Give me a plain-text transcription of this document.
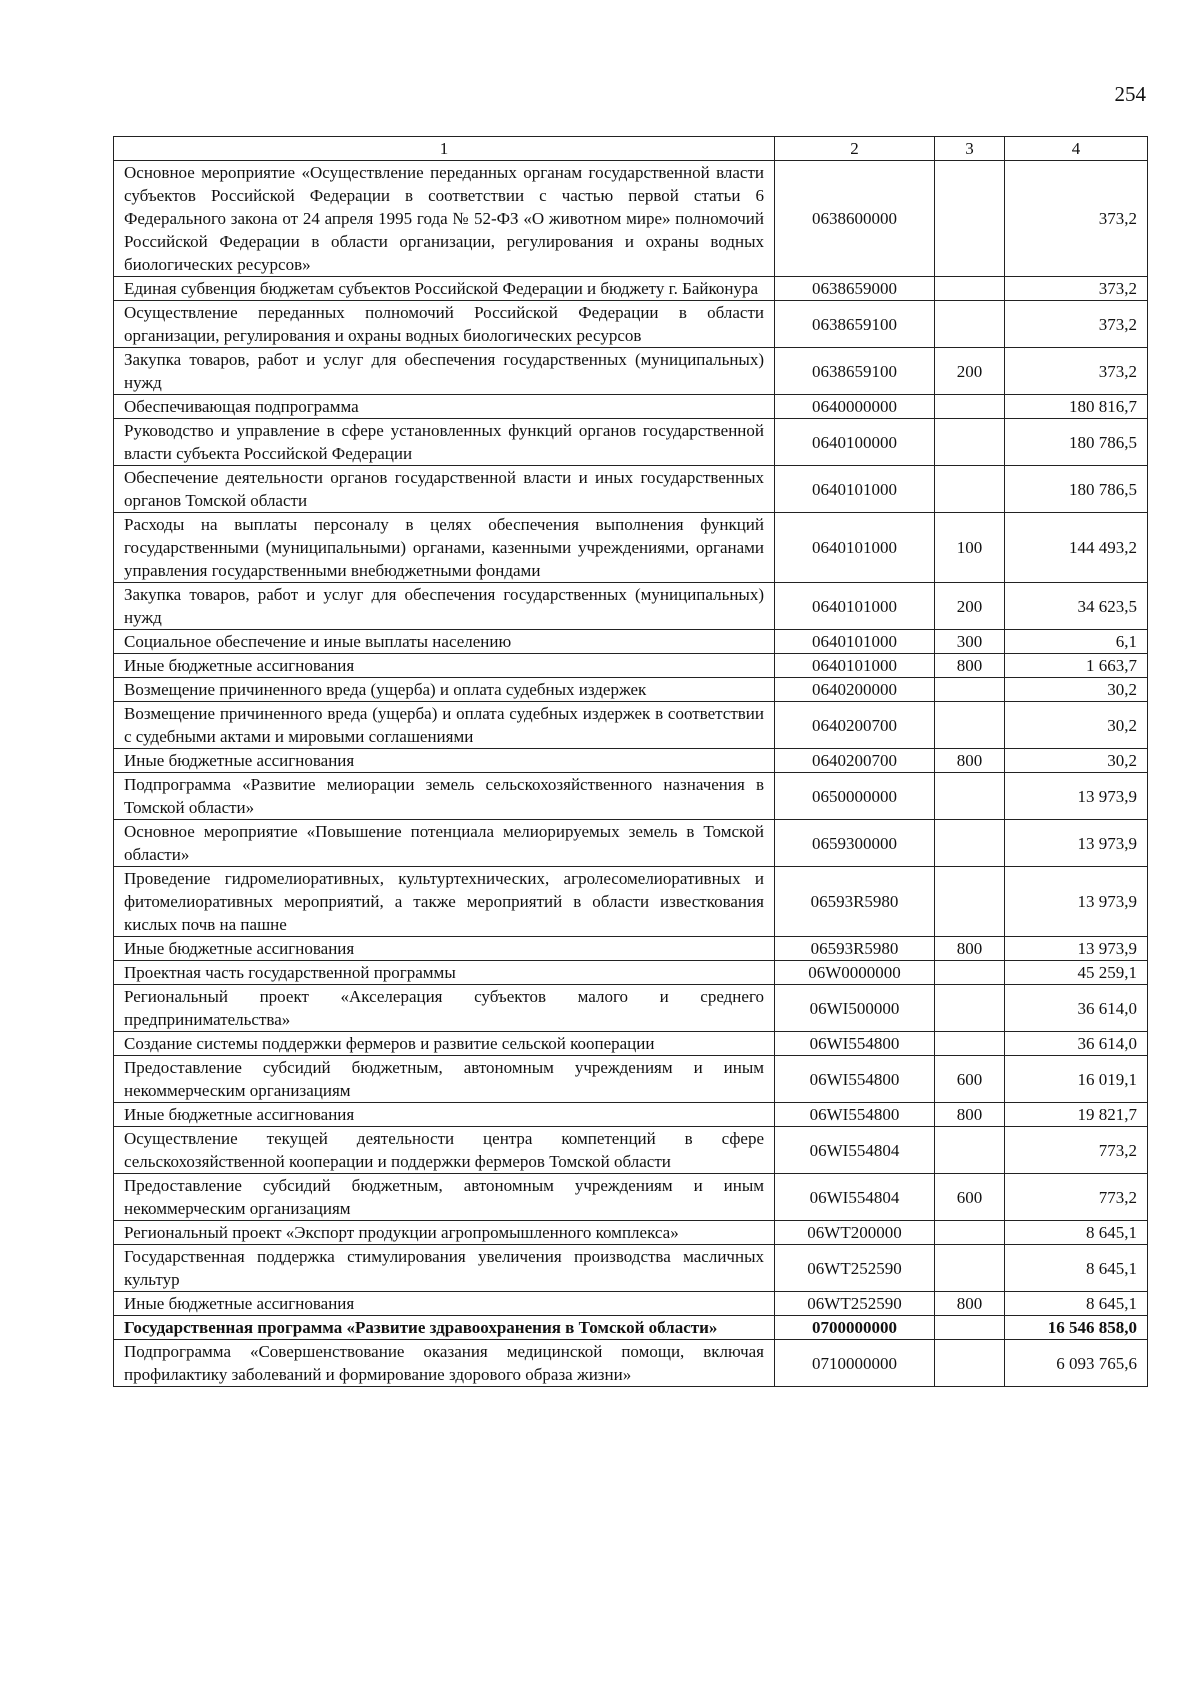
254
1	2	3	4
Основное мероприятие «Осуществление переданных органам государственной власти субъектов Российской Федерации в соответствии с частью первой статьи 6 Федерального закона от 24 апреля 1995 года № 52-ФЗ «О животном мире» полномочий Российской Федерации в области организации, регулирования и охраны водных биологических ресурсов»	0638600000		373,2
Единая субвенция бюджетам субъектов Российской Федерации и бюджету г. Байконура	0638659000		373,2
Осуществление переданных полномочий Российской Федерации в области организации, регулирования и охраны водных биологических ресурсов	0638659100		373,2
Закупка товаров, работ и услуг для обеспечения государственных (муниципальных) нужд	0638659100	200	373,2
Обеспечивающая подпрограмма	0640000000		180 816,7
Руководство и управление в сфере установленных функций органов государственной власти субъекта Российской Федерации	0640100000		180 786,5
Обеспечение деятельности органов государственной власти и иных государственных органов Томской области	0640101000		180 786,5
Расходы на выплаты персоналу в целях обеспечения выполнения функций государственными (муниципальными) органами, казенными учреждениями, органами управления государственными внебюджетными фондами	0640101000	100	144 493,2
Закупка товаров, работ и услуг для обеспечения государственных (муниципальных) нужд	0640101000	200	34 623,5
Социальное обеспечение и иные выплаты населению	0640101000	300	6,1
Иные бюджетные ассигнования	0640101000	800	1 663,7
Возмещение причиненного вреда (ущерба) и оплата судебных издержек	0640200000		30,2
Возмещение причиненного вреда (ущерба) и оплата судебных издержек в соответствии с судебными актами и мировыми соглашениями	0640200700		30,2
Иные бюджетные ассигнования	0640200700	800	30,2
Подпрограмма «Развитие мелиорации земель сельскохозяйственного назначения в Томской области»	0650000000		13 973,9
Основное мероприятие «Повышение потенциала мелиорируемых земель в Томской области»	0659300000		13 973,9
Проведение гидромелиоративных, культуртехнических, агролесомелиоративных и фитомелиоративных мероприятий, а также мероприятий в области известкования кислых почв на пашне	06593R5980		13 973,9
Иные бюджетные ассигнования	06593R5980	800	13 973,9
Проектная часть государственной программы	06W0000000		45 259,1
Региональный проект «Акселерация субъектов малого и среднего предпринимательства»	06WI500000		36 614,0
Создание системы поддержки фермеров и развитие сельской кооперации	06WI554800		36 614,0
Предоставление субсидий бюджетным, автономным учреждениям и иным некоммерческим организациям	06WI554800	600	16 019,1
Иные бюджетные ассигнования	06WI554800	800	19 821,7
Осуществление текущей деятельности центра компетенций в сфере сельскохозяйственной кооперации и поддержки фермеров Томской области	06WI554804		773,2
Предоставление субсидий бюджетным, автономным учреждениям и иным некоммерческим организациям	06WI554804	600	773,2
Региональный проект «Экспорт продукции агропромышленного комплекса»	06WT200000		8 645,1
Государственная поддержка стимулирования увеличения производства масличных культур	06WT252590		8 645,1
Иные бюджетные ассигнования	06WT252590	800	8 645,1
Государственная программа «Развитие здравоохранения в Томской области»	0700000000		16 546 858,0
Подпрограмма «Совершенствование оказания медицинской помощи, включая профилактику заболеваний и формирование здорового образа жизни»	0710000000		6 093 765,6
